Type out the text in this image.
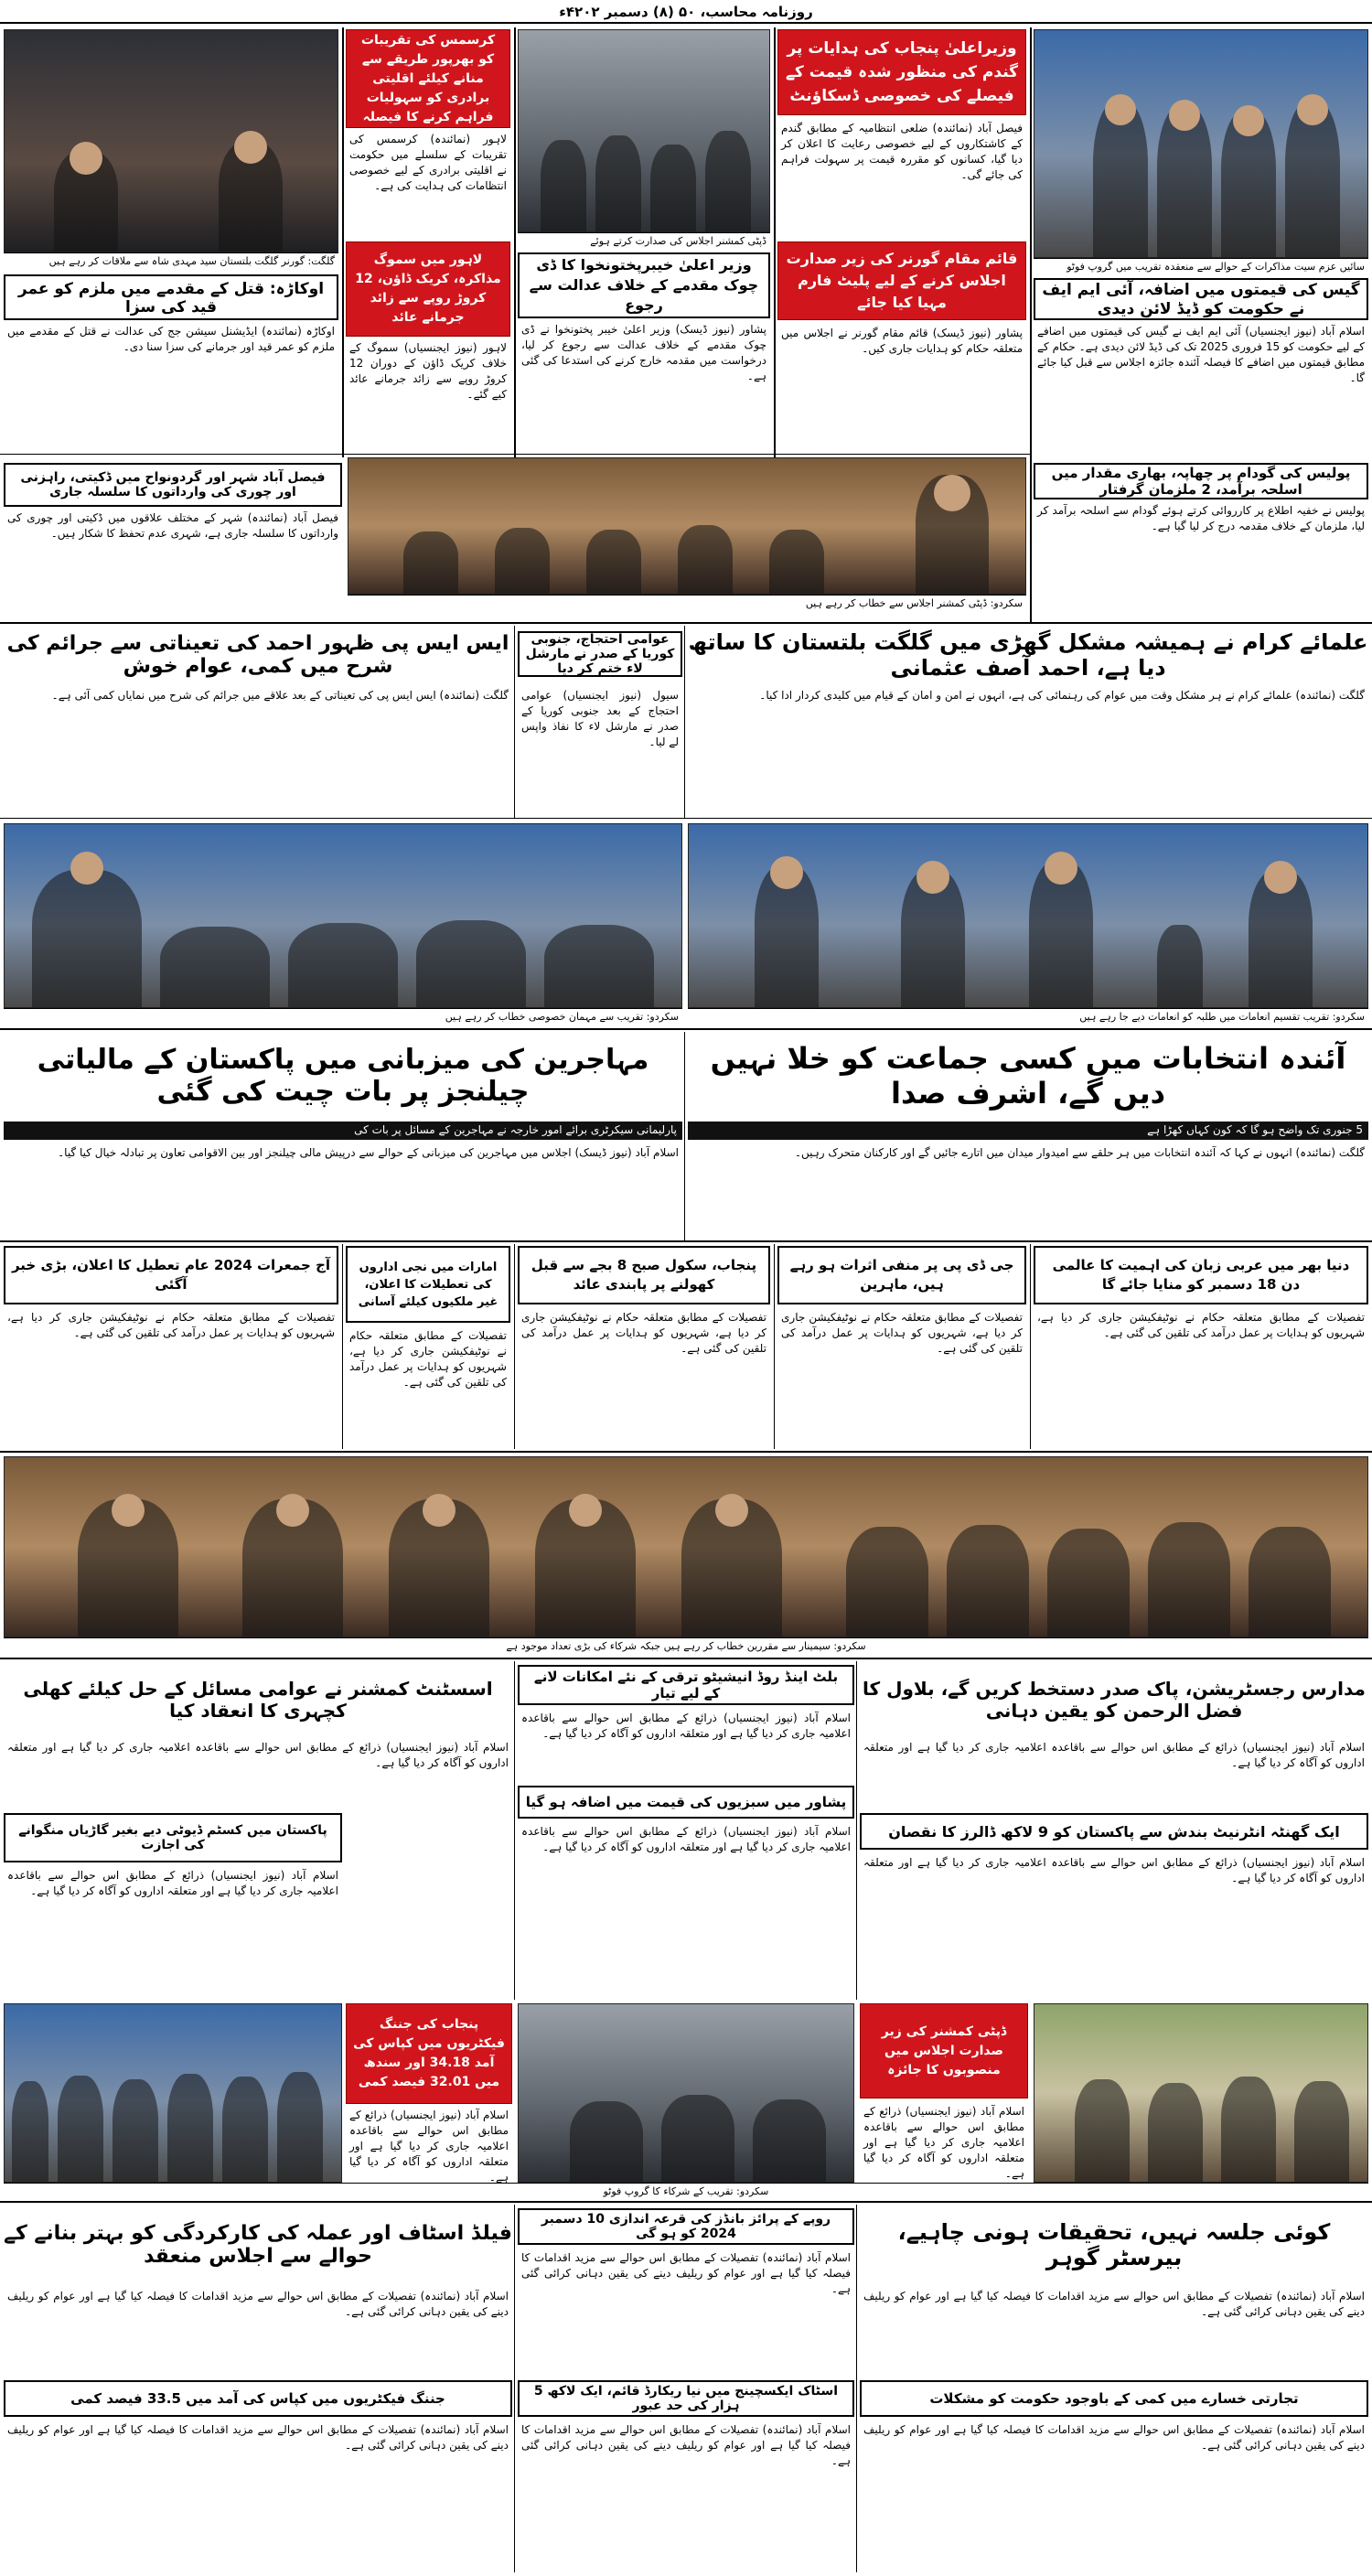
روزنامہ محاسب، ۵۰ (۸) دسمبر ۴۲۰۲ء
سائیں عزم سیت مذاکرات کے حوالے سے منعقدہ تقریب میں گروپ فوٹو
گیس کی قیمتوں میں اضافہ، آئی ایم ایف نے حکومت کو ڈیڈ لائن دیدی
اسلام آباد (نیوز ایجنسیاں) آئی ایم ایف نے گیس کی قیمتوں میں اضافے کے لیے حکومت کو 15 فروری 2025 تک کی ڈیڈ لائن دیدی ہے۔ حکام کے مطابق قیمتوں میں اضافے کا فیصلہ آئندہ جائزہ اجلاس سے قبل کیا جائے گا۔
وزیراعلیٰ پنجاب کی ہدایات پر گندم کی منظور شدہ قیمت کے فیصلے کی خصوصی ڈسکاؤنٹ
فیصل آباد (نمائندہ) ضلعی انتظامیہ کے مطابق گندم کے کاشتکاروں کے لیے خصوصی رعایت کا اعلان کر دیا گیا، کسانوں کو مقررہ قیمت پر سہولت فراہم کی جائے گی۔
قائم مقام گورنر کی زیر صدارت اجلاس کرنے کے لیے پلیٹ فارم مہیا کیا جائے
پشاور (نیوز ڈیسک) قائم مقام گورنر نے اجلاس میں متعلقہ حکام کو ہدایات جاری کیں۔
ڈپٹی کمشنر اجلاس کی صدارت کرتے ہوئے
وزیر اعلیٰ خیبرپختونخوا کا ڈی چوک مقدمے کے خلاف عدالت سے رجوع
پشاور (نیوز ڈیسک) وزیر اعلیٰ خیبر پختونخوا نے ڈی چوک مقدمے کے خلاف عدالت سے رجوع کر لیا، درخواست میں مقدمہ خارج کرنے کی استدعا کی گئی ہے۔
کرسمس کی تقریبات کو بھرپور طریقے سے منانے کیلئے اقلیتی برادری کو سہولیات فراہم کرنے کا فیصلہ
لاہور (نمائندہ) کرسمس کی تقریبات کے سلسلے میں حکومت نے اقلیتی برادری کے لیے خصوصی انتظامات کی ہدایت کی ہے۔
لاہور میں سموگ مذاکرہ، کریک ڈاؤن، 12 کروڑ روپے سے زائد جرمانے عائد
لاہور (نیوز ایجنسیاں) سموگ کے خلاف کریک ڈاؤن کے دوران 12 کروڑ روپے سے زائد جرمانے عائد کیے گئے۔
گلگت: گورنر گلگت بلتستان سید مہدی شاہ سے ملاقات کر رہے ہیں
اوکاڑہ: قتل کے مقدمے میں ملزم کو عمر قید کی سزا
اوکاڑہ (نمائندہ) ایڈیشنل سیشن جج کی عدالت نے قتل کے مقدمے میں ملزم کو عمر قید اور جرمانے کی سزا سنا دی۔
پولیس کی گودام پر چھاپہ، بھاری مقدار میں اسلحہ برآمد، 2 ملزمان گرفتار
پولیس نے خفیہ اطلاع پر کارروائی کرتے ہوئے گودام سے اسلحہ برآمد کر لیا، ملزمان کے خلاف مقدمہ درج کر لیا گیا ہے۔
سکردو: ڈپٹی کمشنر اجلاس سے خطاب کر رہے ہیں
فیصل آباد شہر اور گردونواح میں ڈکیتی، راہزنی اور چوری کی وارداتوں کا سلسلہ جاری
فیصل آباد (نمائندہ) شہر کے مختلف علاقوں میں ڈکیتی اور چوری کی وارداتوں کا سلسلہ جاری ہے، شہری عدم تحفظ کا شکار ہیں۔
علمائے کرام نے ہمیشہ مشکل گھڑی میں گلگت بلتستان کا ساتھ دیا ہے، احمد آصف عثمانی
عوامی احتجاج، جنوبی کوریا کے صدر نے مارشل لاء ختم کر دیا
ایس ایس پی ظہور احمد کی تعیناتی سے جرائم کی شرح میں کمی، عوام خوش
گلگت (نمائندہ) علمائے کرام نے ہر مشکل وقت میں عوام کی رہنمائی کی ہے، انہوں نے امن و امان کے قیام میں کلیدی کردار ادا کیا۔
سیول (نیوز ایجنسیاں) عوامی احتجاج کے بعد جنوبی کوریا کے صدر نے مارشل لاء کا نفاذ واپس لے لیا۔
گلگت (نمائندہ) ایس ایس پی کی تعیناتی کے بعد علاقے میں جرائم کی شرح میں نمایاں کمی آئی ہے۔
سکردو: تقریب تقسیم انعامات میں طلبہ کو انعامات دیے جا رہے ہیں
سکردو: تقریب سے مہمان خصوصی خطاب کر رہے ہیں
آئندہ انتخابات میں کسی جماعت کو خلا نہیں دیں گے، اشرف صدا
مہاجرین کی میزبانی میں پاکستان کے مالیاتی چیلنجز پر بات چیت کی گئی
5 جنوری تک واضح ہو گا کہ کون کہاں کھڑا ہے
پارلیمانی سیکرٹری برائے امور خارجہ نے مہاجرین کے مسائل پر بات کی
گلگت (نمائندہ) انہوں نے کہا کہ آئندہ انتخابات میں ہر حلقے سے امیدوار میدان میں اتارے جائیں گے اور کارکنان متحرک رہیں۔
اسلام آباد (نیوز ڈیسک) اجلاس میں مہاجرین کی میزبانی کے حوالے سے درپیش مالی چیلنجز اور بین الاقوامی تعاون پر تبادلہ خیال کیا گیا۔
دنیا بھر میں عربی زبان کی اہمیت کا عالمی دن 18 دسمبر کو منایا جائے گا
تفصیلات کے مطابق متعلقہ حکام نے نوٹیفکیشن جاری کر دیا ہے، شہریوں کو ہدایات پر عمل درآمد کی تلقین کی گئی ہے۔
جی ڈی پی پر منفی اثرات ہو رہے ہیں، ماہرین
تفصیلات کے مطابق متعلقہ حکام نے نوٹیفکیشن جاری کر دیا ہے، شہریوں کو ہدایات پر عمل درآمد کی تلقین کی گئی ہے۔
پنجاب، سکول صبح 8 بجے سے قبل کھولنے پر پابندی عائد
تفصیلات کے مطابق متعلقہ حکام نے نوٹیفکیشن جاری کر دیا ہے، شہریوں کو ہدایات پر عمل درآمد کی تلقین کی گئی ہے۔
امارات میں نجی اداروں کی تعطیلات کا اعلان، غیر ملکیوں کیلئے آسانی
تفصیلات کے مطابق متعلقہ حکام نے نوٹیفکیشن جاری کر دیا ہے، شہریوں کو ہدایات پر عمل درآمد کی تلقین کی گئی ہے۔
آج جمعرات 2024 عام تعطیل کا اعلان، بڑی خبر آگئی
تفصیلات کے مطابق متعلقہ حکام نے نوٹیفکیشن جاری کر دیا ہے، شہریوں کو ہدایات پر عمل درآمد کی تلقین کی گئی ہے۔
سکردو: سیمینار سے مقررین خطاب کر رہے ہیں جبکہ شرکاء کی بڑی تعداد موجود ہے
مدارس رجسٹریشن، پاک صدر دستخط کریں گے، بلاول کا فضل الرحمن کو یقین دہانی
بلٹ اینڈ روڈ انیشیٹو ترقی کے نئے امکانات لانے کے لیے تیار
اسسٹنٹ کمشنر نے عوامی مسائل کے حل کیلئے کھلی کچہری کا انعقاد کیا
اسلام آباد (نیوز ایجنسیاں) ذرائع کے مطابق اس حوالے سے باقاعدہ اعلامیہ جاری کر دیا گیا ہے اور متعلقہ اداروں کو آگاہ کر دیا گیا ہے۔
اسلام آباد (نیوز ایجنسیاں) ذرائع کے مطابق اس حوالے سے باقاعدہ اعلامیہ جاری کر دیا گیا ہے اور متعلقہ اداروں کو آگاہ کر دیا گیا ہے۔
اسلام آباد (نیوز ایجنسیاں) ذرائع کے مطابق اس حوالے سے باقاعدہ اعلامیہ جاری کر دیا گیا ہے اور متعلقہ اداروں کو آگاہ کر دیا گیا ہے۔
ایک گھنٹہ انٹرنیٹ بندش سے پاکستان کو 9 لاکھ ڈالرز کا نقصان
پشاور میں سبزیوں کی قیمت میں اضافہ ہو گیا
پاکستان میں کسٹم ڈیوٹی دیے بغیر گاڑیاں منگوانے کی اجازت
اسلام آباد (نیوز ایجنسیاں) ذرائع کے مطابق اس حوالے سے باقاعدہ اعلامیہ جاری کر دیا گیا ہے اور متعلقہ اداروں کو آگاہ کر دیا گیا ہے۔
اسلام آباد (نیوز ایجنسیاں) ذرائع کے مطابق اس حوالے سے باقاعدہ اعلامیہ جاری کر دیا گیا ہے اور متعلقہ اداروں کو آگاہ کر دیا گیا ہے۔
اسلام آباد (نیوز ایجنسیاں) ذرائع کے مطابق اس حوالے سے باقاعدہ اعلامیہ جاری کر دیا گیا ہے اور متعلقہ اداروں کو آگاہ کر دیا گیا ہے۔
ڈپٹی کمشنر کی زیر صدارت اجلاس میں منصوبوں کا جائزہ
اسلام آباد (نیوز ایجنسیاں) ذرائع کے مطابق اس حوالے سے باقاعدہ اعلامیہ جاری کر دیا گیا ہے اور متعلقہ اداروں کو آگاہ کر دیا گیا ہے۔
پنجاب کی جننگ فیکٹریوں میں کپاس کی آمد 34.18 اور سندھ میں 32.01 فیصد کمی
اسلام آباد (نیوز ایجنسیاں) ذرائع کے مطابق اس حوالے سے باقاعدہ اعلامیہ جاری کر دیا گیا ہے اور متعلقہ اداروں کو آگاہ کر دیا گیا ہے۔
سکردو: تقریب کے شرکاء کا گروپ فوٹو
کوئی جلسہ نہیں، تحقیقات ہونی چاہیے، بیرسٹر گوہر
روپے کے پرائز بانڈز کی قرعہ اندازی 10 دسمبر 2024 کو ہو گی
فیلڈ اسٹاف اور عملہ کی کارکردگی کو بہتر بنانے کے حوالے سے اجلاس منعقد
اسلام آباد (نمائندہ) تفصیلات کے مطابق اس حوالے سے مزید اقدامات کا فیصلہ کیا گیا ہے اور عوام کو ریلیف دینے کی یقین دہانی کرائی گئی ہے۔
اسلام آباد (نمائندہ) تفصیلات کے مطابق اس حوالے سے مزید اقدامات کا فیصلہ کیا گیا ہے اور عوام کو ریلیف دینے کی یقین دہانی کرائی گئی ہے۔
اسلام آباد (نمائندہ) تفصیلات کے مطابق اس حوالے سے مزید اقدامات کا فیصلہ کیا گیا ہے اور عوام کو ریلیف دینے کی یقین دہانی کرائی گئی ہے۔
تجارتی خسارے میں کمی کے باوجود حکومت کو مشکلات
اسٹاک ایکسچینج میں نیا ریکارڈ قائم، ایک لاکھ 5 ہزار کی حد عبور
جننگ فیکٹریوں میں کپاس کی آمد میں 33.5 فیصد کمی
اسلام آباد (نمائندہ) تفصیلات کے مطابق اس حوالے سے مزید اقدامات کا فیصلہ کیا گیا ہے اور عوام کو ریلیف دینے کی یقین دہانی کرائی گئی ہے۔
اسلام آباد (نمائندہ) تفصیلات کے مطابق اس حوالے سے مزید اقدامات کا فیصلہ کیا گیا ہے اور عوام کو ریلیف دینے کی یقین دہانی کرائی گئی ہے۔
اسلام آباد (نمائندہ) تفصیلات کے مطابق اس حوالے سے مزید اقدامات کا فیصلہ کیا گیا ہے اور عوام کو ریلیف دینے کی یقین دہانی کرائی گئی ہے۔
